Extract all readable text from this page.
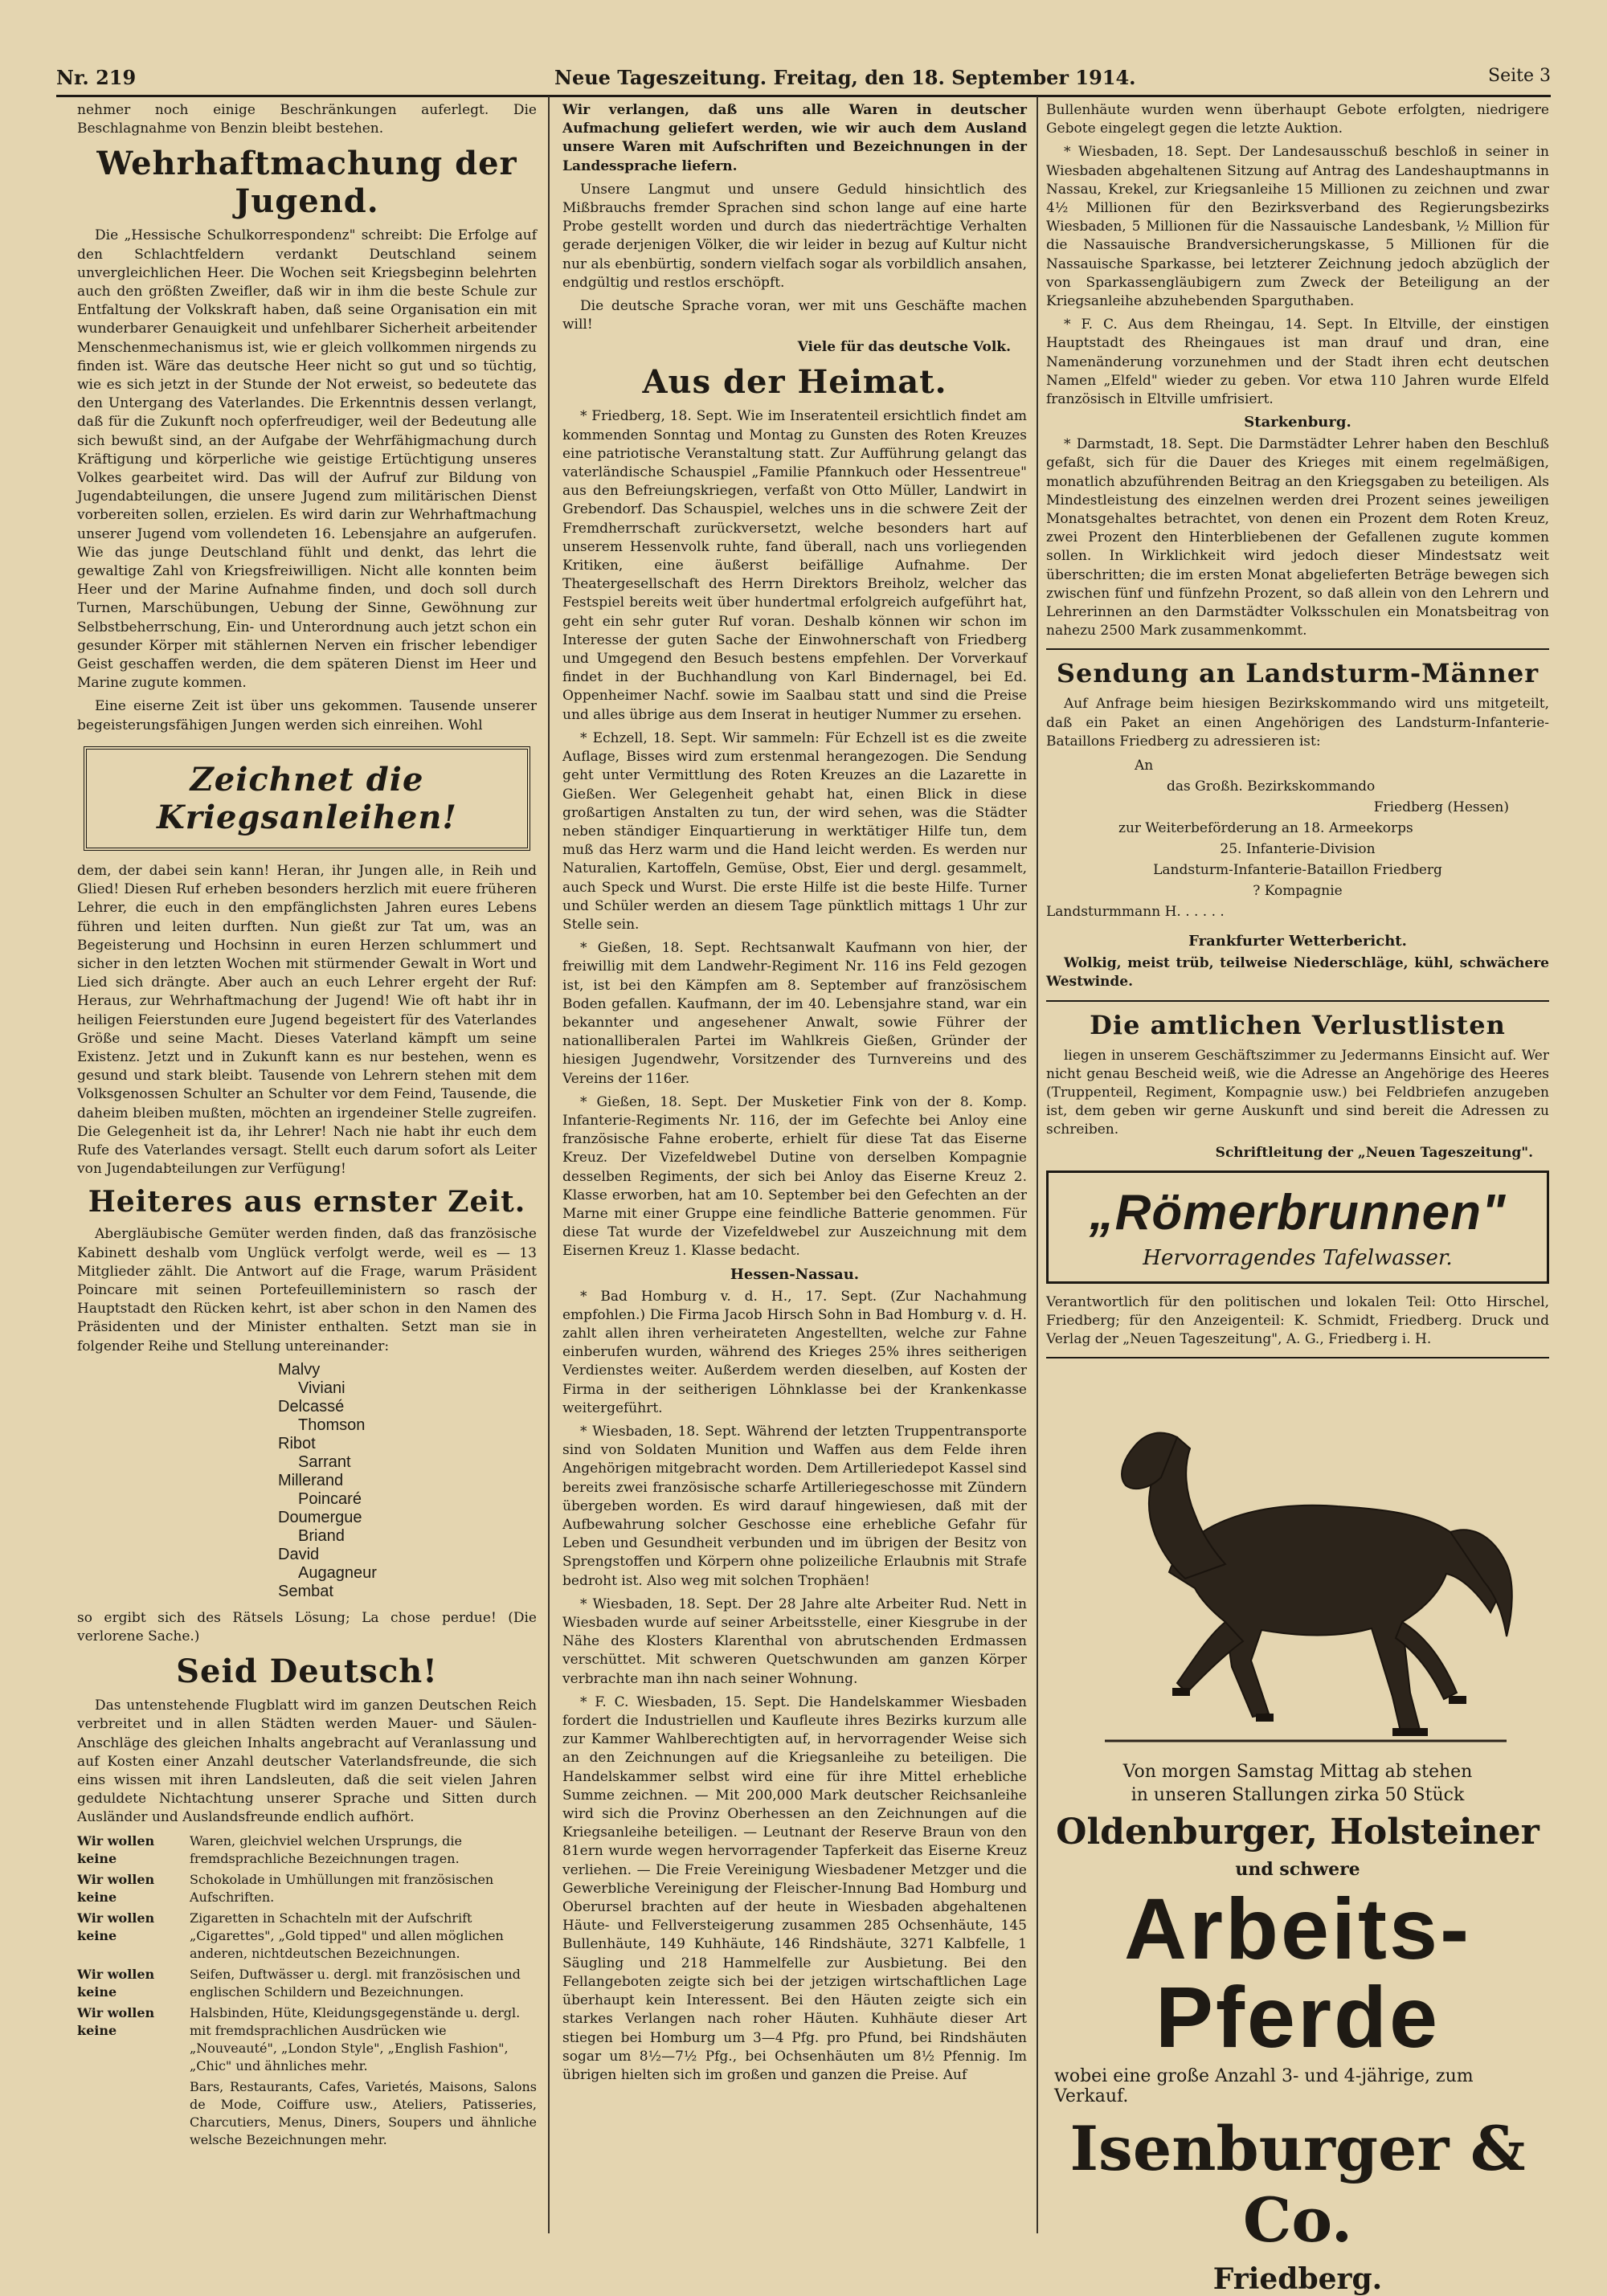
Nr. 219	Neue Tageszeitung. Freitag, den 18. September 1914.	Seite 3

nehmer noch einige Beschränkungen auferlegt. Die Beschlagnahme von Benzin bleibt bestehen.

Wehrhaftmachung der Jugend.

Die „Hessische Schulkorrespondenz" schreibt: Die Erfolge auf den Schlachtfeldern verdankt Deutschland seinem unvergleichlichen Heer. Die Wochen seit Kriegsbeginn belehrten auch den größten Zweifler, daß wir in ihm die beste Schule zur Entfaltung der Volkskraft haben, daß seine Organisation ein mit wunderbarer Genauigkeit und unfehlbarer Sicherheit arbeitender Menschenmechanismus ist, wie er gleich vollkommen nirgends zu finden ist. Wäre das deutsche Heer nicht so gut und so tüchtig, wie es sich jetzt in der Stunde der Not erweist, so bedeutete das den Untergang des Vaterlandes. Die Erkenntnis dessen verlangt, daß für die Zukunft noch opferfreudiger, weil der Bedeutung alle sich bewußt sind, an der Aufgabe der Wehrfähigmachung durch Kräftigung und körperliche wie geistige Ertüchtigung unseres Volkes gearbeitet wird. Das will der Aufruf zur Bildung von Jugendabteilungen, die unsere Jugend zum militärischen Dienst vorbereiten sollen, erzielen. Es wird darin zur Wehrhaftmachung unserer Jugend vom vollendeten 16. Lebensjahre an aufgerufen. Wie das junge Deutschland fühlt und denkt, das lehrt die gewaltige Zahl von Kriegsfreiwilligen. Nicht alle konnten beim Heer und der Marine Aufnahme finden, und doch soll durch Turnen, Marschübungen, Uebung der Sinne, Gewöhnung zur Selbstbeherrschung, Ein- und Unterordnung auch jetzt schon ein gesunder Körper mit stählernen Nerven ein frischer lebendiger Geist geschaffen werden, die dem späteren Dienst im Heer und Marine zugute kommen.

Eine eiserne Zeit ist über uns gekommen. Tausende unserer begeisterungsfähigen Jungen werden sich einreihen. Wohl

Zeichnet die Kriegsanleihen!

dem, der dabei sein kann! Heran, ihr Jungen alle, in Reih und Glied! Diesen Ruf erheben besonders herzlich mit euere früheren Lehrer, die euch in den empfänglichsten Jahren eures Lebens führen und leiten durften. Nun gießt zur Tat um, was an Begeisterung und Hochsinn in euren Herzen schlummert und sicher in den letzten Wochen mit stürmender Gewalt in Wort und Lied sich drängte. Aber auch an euch Lehrer ergeht der Ruf: Heraus, zur Wehrhaftmachung der Jugend! Wie oft habt ihr in heiligen Feierstunden eure Jugend begeistert für des Vaterlandes Größe und seine Macht. Dieses Vaterland kämpft um seine Existenz. Jetzt und in Zukunft kann es nur bestehen, wenn es gesund und stark bleibt. Tausende von Lehrern stehen mit dem Volksgenossen Schulter an Schulter vor dem Feind, Tausende, die daheim bleiben mußten, möchten an irgendeiner Stelle zugreifen. Die Gelegenheit ist da, ihr Lehrer! Nach nie habt ihr euch dem Rufe des Vaterlandes versagt. Stellt euch darum sofort als Leiter von Jugendabteilungen zur Verfügung!

Heiteres aus ernster Zeit.

Abergläubische Gemüter werden finden, daß das französische Kabinett deshalb vom Unglück verfolgt werde, weil es — 13 Mitglieder zählt. Die Antwort auf die Frage, warum Präsident Poincare mit seinen Portefeuilleministern so rasch der Hauptstadt den Rücken kehrt, ist aber schon in den Namen des Präsidenten und der Minister enthalten. Setzt man sie in folgender Reihe und Stellung untereinander:

Malvy
Viviani
Delcassé
Thomson
Ribot
Sarrant
Millerand
Poincaré
Doumergue
Briand
David
Augagneur
Sembat

so ergibt sich des Rätsels Lösung; La chose perdue! (Die verlorene Sache.)

Seid Deutsch!

Das untenstehende Flugblatt wird im ganzen Deutschen Reich verbreitet und in allen Städten werden Mauer- und Säulen-Anschläge des gleichen Inhalts angebracht auf Veranlassung und auf Kosten einer Anzahl deutscher Vaterlandsfreunde, die sich eins wissen mit ihren Landsleuten, daß die seit vielen Jahren geduldete Nichtachtung unserer Sprache und Sitten durch Ausländer und Auslandsfreunde endlich aufhört.

Wir wollen keine
Waren, gleichviel welchen Ursprungs, die fremdsprachliche Bezeichnungen tragen.
Wir wollen keine
Schokolade in Umhüllungen mit französischen Aufschriften.
Wir wollen keine
Zigaretten in Schachteln mit der Aufschrift „Cigarettes", „Gold tipped" und allen möglichen anderen, nichtdeutschen Bezeichnungen.
Wir wollen keine
Seifen, Duftwässer u. dergl. mit französischen und englischen Schildern und Bezeichnungen.
Wir wollen keine
Halsbinden, Hüte, Kleidungsgegenstände u. dergl. mit fremdsprachlichen Ausdrücken wie „Nouveauté", „London Style", „English Fashion", „Chic" und ähnliches mehr.

Bars, Restaurants, Cafes, Varietés, Maisons, Salons de Mode, Coiffure usw., Ateliers, Patisseries, Charcutiers, Menus, Diners, Soupers und ähnliche welsche Bezeichnungen mehr.

Wir verlangen, daß uns alle Waren in deutscher Aufmachung geliefert werden, wie wir auch dem Ausland unsere Waren mit Aufschriften und Bezeichnungen in der Landessprache liefern.

Unsere Langmut und unsere Geduld hinsichtlich des Mißbrauchs fremder Sprachen sind schon lange auf eine harte Probe gestellt worden und durch das niederträchtige Verhalten gerade derjenigen Völker, die wir leider in bezug auf Kultur nicht nur als ebenbürtig, sondern vielfach sogar als vorbildlich ansahen, endgültig und restlos erschöpft.

Die deutsche Sprache voran, wer mit uns Geschäfte machen will!

Viele für das deutsche Volk.
Aus der Heimat.

* Friedberg, 18. Sept. Wie im Inseratenteil ersichtlich findet am kommenden Sonntag und Montag zu Gunsten des Roten Kreuzes eine patriotische Veranstaltung statt. Zur Aufführung gelangt das vaterländische Schauspiel „Familie Pfannkuch oder Hessentreue" aus den Befreiungskriegen, verfaßt von Otto Müller, Landwirt in Grebendorf. Das Schauspiel, welches uns in die schwere Zeit der Fremdherrschaft zurückversetzt, welche besonders hart auf unserem Hessenvolk ruhte, fand überall, nach uns vorliegenden Kritiken, eine äußerst beifällige Aufnahme. Der Theatergesellschaft des Herrn Direktors Breiholz, welcher das Festspiel bereits weit über hundertmal erfolgreich aufgeführt hat, geht ein sehr guter Ruf voran. Deshalb können wir schon im Interesse der guten Sache der Einwohnerschaft von Friedberg und Umgegend den Besuch bestens empfehlen. Der Vorverkauf findet in der Buchhandlung von Karl Bindernagel, bei Ed. Oppenheimer Nachf. sowie im Saalbau statt und sind die Preise und alles übrige aus dem Inserat in heutiger Nummer zu ersehen.

* Echzell, 18. Sept. Wir sammeln: Für Echzell ist es die zweite Auflage, Bisses wird zum erstenmal herangezogen. Die Sendung geht unter Vermittlung des Roten Kreuzes an die Lazarette in Gießen. Wer Gelegenheit gehabt hat, einen Blick in diese großartigen Anstalten zu tun, der wird sehen, was die Städter neben ständiger Einquartierung in werktätiger Hilfe tun, dem muß das Herz warm und die Hand leicht werden. Es werden nur Naturalien, Kartoffeln, Gemüse, Obst, Eier und dergl. gesammelt, auch Speck und Wurst. Die erste Hilfe ist die beste Hilfe. Turner und Schüler werden an diesem Tage pünktlich mittags 1 Uhr zur Stelle sein.

* Gießen, 18. Sept. Rechtsanwalt Kaufmann von hier, der freiwillig mit dem Landwehr-Regiment Nr. 116 ins Feld gezogen ist, ist bei den Kämpfen am 8. September auf französischem Boden gefallen. Kaufmann, der im 40. Lebensjahre stand, war ein bekannter und angesehener Anwalt, sowie Führer der nationalliberalen Partei im Wahlkreis Gießen, Gründer der hiesigen Jugendwehr, Vorsitzender des Turnvereins und des Vereins der 116er.

* Gießen, 18. Sept. Der Musketier Fink von der 8. Komp. Infanterie-Regiments Nr. 116, der im Gefechte bei Anloy eine französische Fahne eroberte, erhielt für diese Tat das Eiserne Kreuz. Der Vizefeldwebel Dutine von derselben Kompagnie desselben Regiments, der sich bei Anloy das Eiserne Kreuz 2. Klasse erworben, hat am 10. September bei den Gefechten an der Marne mit einer Gruppe eine feindliche Batterie genommen. Für diese Tat wurde der Vizefeldwebel zur Auszeichnung mit dem Eisernen Kreuz 1. Klasse bedacht.

Hessen-Nassau.

* Bad Homburg v. d. H., 17. Sept. (Zur Nachahmung empfohlen.) Die Firma Jacob Hirsch Sohn in Bad Homburg v. d. H. zahlt allen ihren verheirateten Angestellten, welche zur Fahne einberufen wurden, während des Krieges 25% ihres seitherigen Verdienstes weiter. Außerdem werden dieselben, auf Kosten der Firma in der seitherigen Löhnklasse bei der Krankenkasse weitergeführt.

* Wiesbaden, 18. Sept. Während der letzten Truppentransporte sind von Soldaten Munition und Waffen aus dem Felde ihren Angehörigen mitgebracht worden. Dem Artilleriedepot Kassel sind bereits zwei französische scharfe Artilleriegeschosse mit Zündern übergeben worden. Es wird darauf hingewiesen, daß mit der Aufbewahrung solcher Geschosse eine erhebliche Gefahr für Leben und Gesundheit verbunden und im übrigen der Besitz von Sprengstoffen und Körpern ohne polizeiliche Erlaubnis mit Strafe bedroht ist. Also weg mit solchen Trophäen!

* Wiesbaden, 18. Sept. Der 28 Jahre alte Arbeiter Rud. Nett in Wiesbaden wurde auf seiner Arbeitsstelle, einer Kiesgrube in der Nähe des Klosters Klarenthal von abrutschenden Erdmassen verschüttet. Mit schweren Quetschwunden am ganzen Körper verbrachte man ihn nach seiner Wohnung.

* F. C. Wiesbaden, 15. Sept. Die Handelskammer Wiesbaden fordert die Industriellen und Kaufleute ihres Bezirks kurzum alle zur Kammer Wahlberechtigten auf, in hervorragender Weise sich an den Zeichnungen auf die Kriegsanleihe zu beteiligen. Die Handelskammer selbst wird eine für ihre Mittel erhebliche Summe zeichnen. — Mit 200,000 Mark deutscher Reichsanleihe wird sich die Provinz Oberhessen an den Zeichnungen auf die Kriegsanleihe beteiligen. — Leutnant der Reserve Braun von den 81ern wurde wegen hervorragender Tapferkeit das Eiserne Kreuz verliehen. — Die Freie Vereinigung Wiesbadener Metzger und die Gewerbliche Vereinigung der Fleischer-Innung Bad Homburg und Oberursel brachten auf der heute in Wiesbaden abgehaltenen Häute- und Fellversteigerung zusammen 285 Ochsenhäute, 145 Bullenhäute, 149 Kuhhäute, 146 Rindshäute, 3271 Kalbfelle, 1 Säugling und 218 Hammelfelle zur Ausbietung. Bei den Fellangeboten zeigte sich bei der jetzigen wirtschaftlichen Lage überhaupt kein Interessent. Bei den Häuten zeigte sich ein starkes Verlangen nach roher Häuten. Kuhhäute dieser Art stiegen bei Homburg um 3—4 Pfg. pro Pfund, bei Rindshäuten sogar um 8½—7½ Pfg., bei Ochsenhäuten um 8½ Pfennig. Im übrigen hielten sich im großen und ganzen die Preise. Auf

Bullenhäute wurden wenn überhaupt Gebote erfolgten, niedrigere Gebote eingelegt gegen die letzte Auktion.

* Wiesbaden, 18. Sept. Der Landesausschuß beschloß in seiner in Wiesbaden abgehaltenen Sitzung auf Antrag des Landeshauptmanns in Nassau, Krekel, zur Kriegsanleihe 15 Millionen zu zeichnen und zwar 4½ Millionen für den Bezirksverband des Regierungsbezirks Wiesbaden, 5 Millionen für die Nassauische Landesbank, ½ Million für die Nassauische Brandversicherungskasse, 5 Millionen für die Nassauische Sparkasse, bei letzterer Zeichnung jedoch abzüglich der von Sparkassengläubigern zum Zweck der Beteiligung an der Kriegsanleihe abzuhebenden Sparguthaben.

* F. C. Aus dem Rheingau, 14. Sept. In Eltville, der einstigen Hauptstadt des Rheingaues ist man drauf und dran, eine Namenänderung vorzunehmen und der Stadt ihren echt deutschen Namen „Elfeld" wieder zu geben. Vor etwa 110 Jahren wurde Elfeld französisch in Eltville umfrisiert.

Starkenburg.

* Darmstadt, 18. Sept. Die Darmstädter Lehrer haben den Beschluß gefaßt, sich für die Dauer des Krieges mit einem regelmäßigen, monatlich abzuführenden Beitrag an den Kriegsgaben zu beteiligen. Als Mindestleistung des einzelnen werden drei Prozent seines jeweiligen Monatsgehaltes betrachtet, von denen ein Prozent dem Roten Kreuz, zwei Prozent den Hinterbliebenen der Gefallenen zugute kommen sollen. In Wirklichkeit wird jedoch dieser Mindestsatz weit überschritten; die im ersten Monat abgelieferten Beträge bewegen sich zwischen fünf und fünfzehn Prozent, so daß allein von den Lehrern und Lehrerinnen an den Darmstädter Volksschulen ein Monatsbeitrag von nahezu 2500 Mark zusammenkommt.

Sendung an Landsturm-Männer

Auf Anfrage beim hiesigen Bezirkskommando wird uns mitgeteilt, daß ein Paket an einen Angehörigen des Landsturm-Infanterie-Bataillons Friedberg zu adressieren ist:

An
das Großh. Bezirkskommando
Friedberg (Hessen)
zur Weiterbeförderung an 18. Armeekorps
25. Infanterie-Division
Landsturm-Infanterie-Bataillon Friedberg
? Kompagnie
Landsturmmann H. . . . . .
Frankfurter Wetterbericht.

Wolkig, meist trüb, teilweise Niederschläge, kühl, schwächere Westwinde.

Die amtlichen Verlustlisten

liegen in unserem Geschäftszimmer zu Jedermanns Einsicht auf. Wer nicht genau Bescheid weiß, wie die Adresse an Angehörige des Heeres (Truppenteil, Regiment, Kompagnie usw.) bei Feldbriefen anzugeben ist, dem geben wir gerne Auskunft und sind bereit die Adressen zu schreiben.

Schriftleitung der „Neuen Tageszeitung".
„Römerbrunnen"
Hervorragendes Tafelwasser.

Verantwortlich für den politischen und lokalen Teil: Otto Hirschel, Friedberg; für den Anzeigenteil: K. Schmidt, Friedberg. Druck und Verlag der „Neuen Tageszeitung", A. G., Friedberg i. H.

Von morgen Samstag Mittag ab stehen
in unseren Stallungen zirka 50 Stück
Oldenburger, Holsteiner
und schwere
Arbeits-Pferde
wobei eine große Anzahl 3- und 4-jährige, zum Verkauf.
Isenburger & Co.
Friedberg.
